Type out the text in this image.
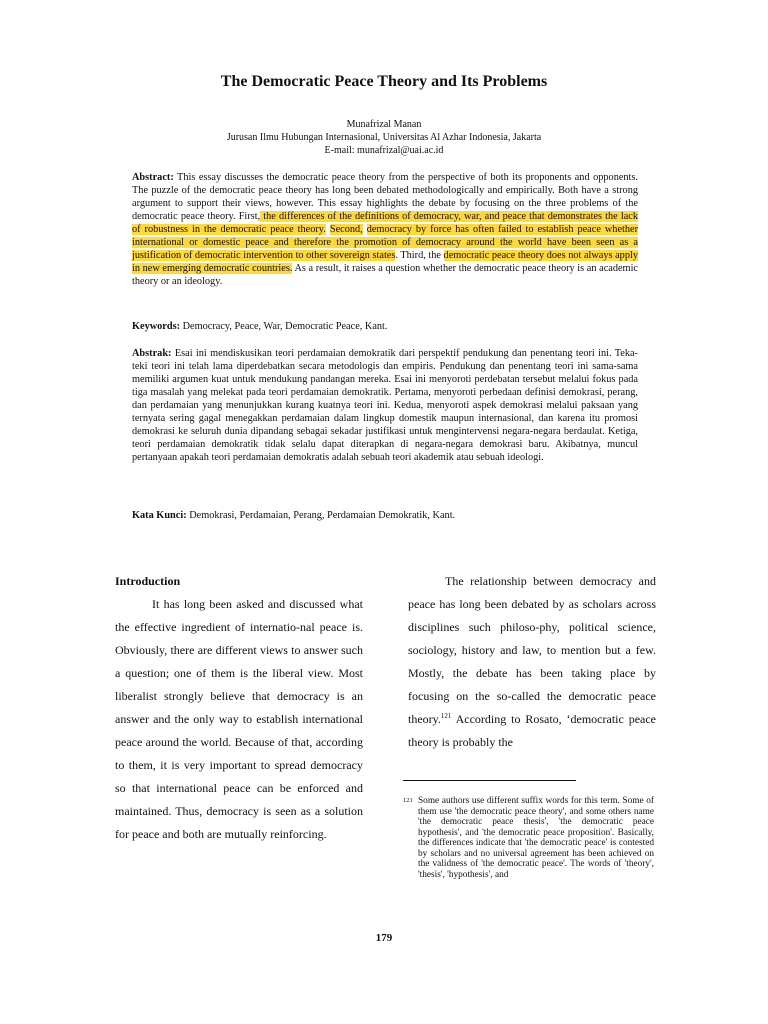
The Democratic Peace Theory and Its Problems
Munafrizal Manan
Jurusan Ilmu Hubungan Internasional, Universitas Al Azhar Indonesia, Jakarta
E-mail: munafrizal@uai.ac.id

Abstract: This essay discusses the democratic peace theory from the perspective of both its proponents and opponents. The puzzle of the democratic peace theory has long been debated methodologically and empirically. Both have a strong argument to support their views, however. This essay highlights the debate by focusing on the three problems of the democratic peace theory. First, the differences of the definitions of democracy, war, and peace that demonstrates the lack of robustness in the democratic peace theory. Second, democracy by force has often failed to establish peace whether international or domestic peace and therefore the promotion of democracy around the world have been seen as a justification of democratic intervention to other sovereign states. Third, the democratic peace theory does not always apply in new emerging democratic countries. As a result, it raises a question whether the democratic peace theory is an academic theory or an ideology.

Keywords: Democracy, Peace, War, Democratic Peace, Kant.

Abstrak: Esai ini mendiskusikan teori perdamaian demokratik dari perspektif pendukung dan penentang teori ini. Teka-teki teori ini telah lama diperdebatkan secara metodologis dan empiris. Pendukung dan penentang teori ini sama-sama memiliki argumen kuat untuk mendukung pandangan mereka. Esai ini menyoroti perdebatan tersebut melalui fokus pada tiga masalah yang melekat pada teori perdamaian demokratik. Pertama, menyoroti perbedaan definisi demokrasi, perang, dan perdamaian yang menunjukkan kurang kuatnya teori ini. Kedua, menyoroti aspek demokrasi melalui paksaan yang ternyata sering gagal menegakkan perdamaian dalam lingkup domestik maupun internasional, dan karena itu promosi demokrasi ke seluruh dunia dipandang sebagai sekadar justifikasi untuk mengintervensi negara-negara berdaulat. Ketiga, teori perdamaian demokratik tidak selalu dapat diterapkan di negara-negara demokrasi baru. Akibatnya, muncul pertanyaan apakah teori perdamaian demokratis adalah sebuah teori akademik atau sebuah ideologi.

Kata Kunci: Demokrasi, Perdamaian, Perang, Perdamaian Demokratik, Kant.

Introduction

It has long been asked and discussed what the effective ingredient of internatio-nal peace is. Obviously, there are different views to answer such a question; one of them is the liberal view. Most liberalist strongly believe that democracy is an answer and the only way to establish international peace around the world. Because of that, according to them, it is very important to spread democracy so that international peace can be enforced and maintained. Thus, democracy is seen as a solution for peace and both are mutually reinforcing.

The relationship between democracy and peace has long been debated by as scholars across disciplines such philoso-phy, political science, sociology, history and law, to mention but a few. Mostly, the debate has been taking place by focusing on the so-called the democratic peace theory.$^{121}$ According to Rosato, ‘democratic peace theory is probably the

121 Some authors use different suffix words for this term. Some of them use 'the democratic peace theory', and some others name 'the democratic peace thesis', 'the democratic peace hypothesis', and 'the democratic peace proposition'. Basically, the differences indicate that 'the democratic peace' is contested by scholars and no universal agreement has been achieved on the validness of 'the democratic peace'. The words of 'theory', 'thesis', 'hypothesis', and

179
